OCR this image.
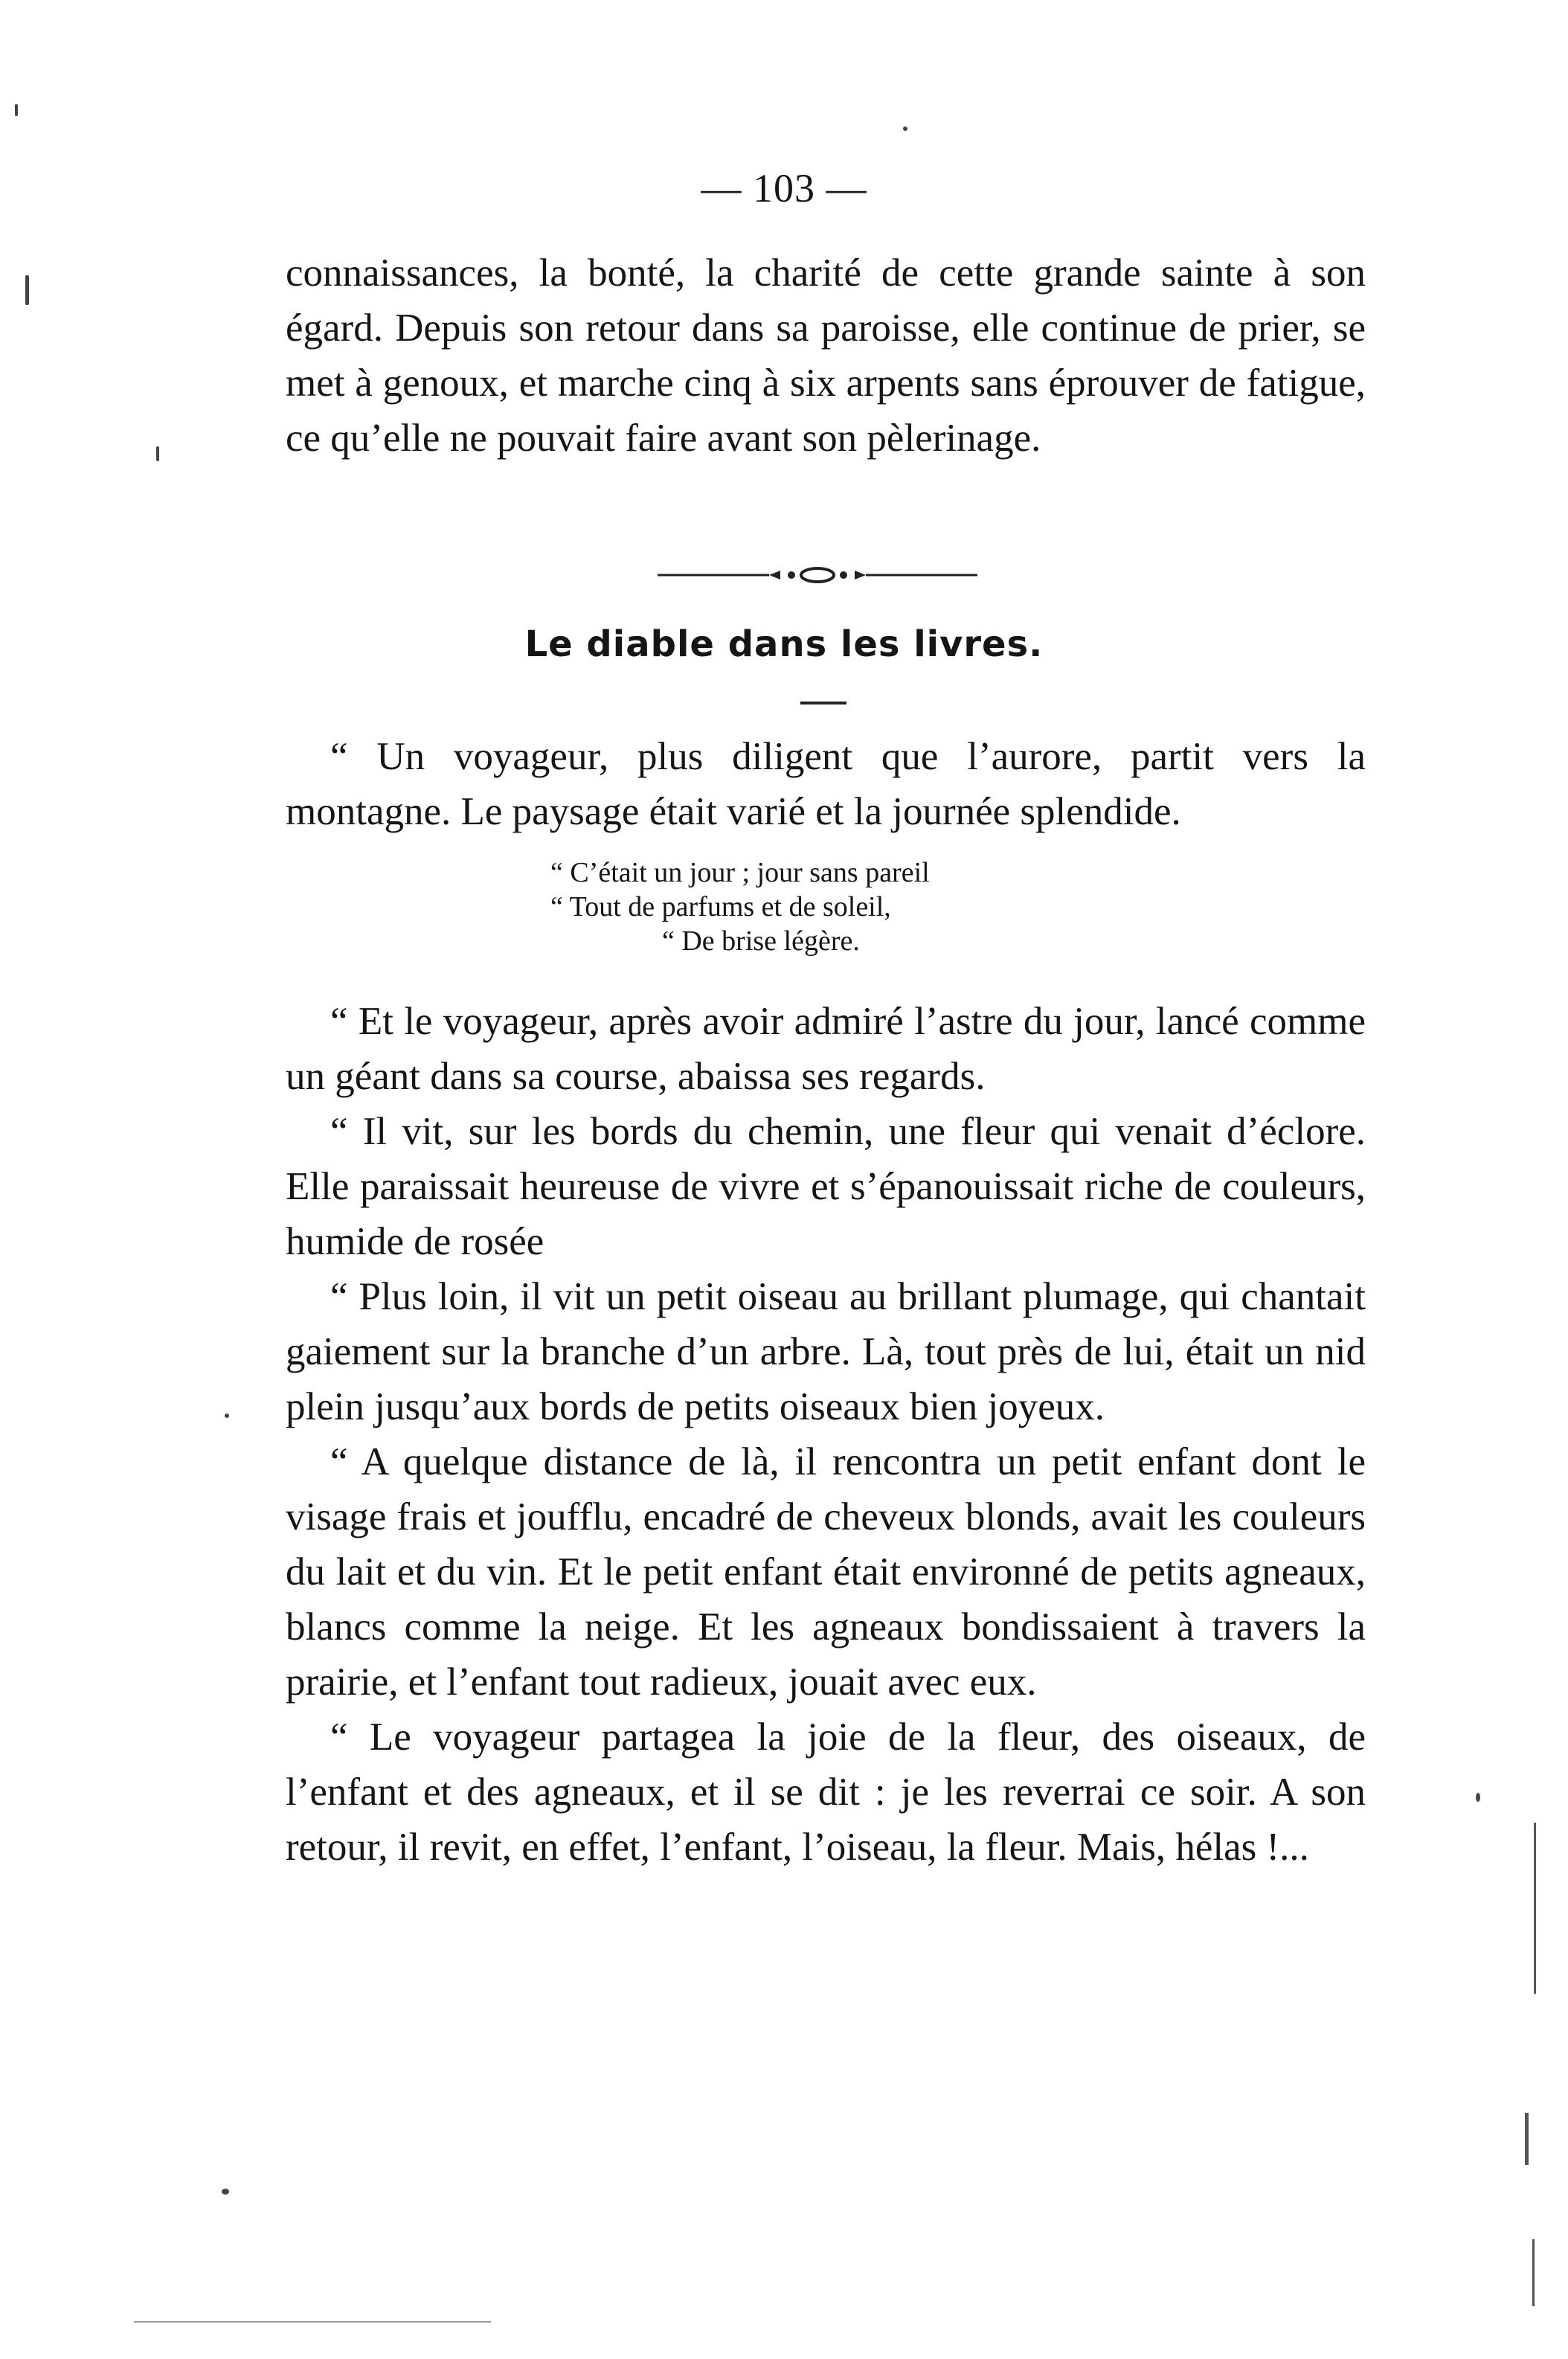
— 103 —

connaissances, la bonté, la charité de cette grande sainte à son égard. Depuis son retour dans sa paroisse, elle continue de prier, se met à genoux, et marche cinq à six arpents sans éprouver de fatigue, ce qu’elle ne pouvait faire avant son pèlerinage.

Le diable dans les livres.

“ Un voyageur, plus diligent que l’aurore, partit vers la montagne. Le paysage était varié et la journée splendide.

“ C’était un jour ; jour sans pareil
“ Tout de parfums et de soleil,
“ De brise légère.

“ Et le voyageur, après avoir admiré l’astre du jour, lancé comme un géant dans sa course, abaissa ses regards.

“ Il vit, sur les bords du chemin, une fleur qui venait d’éclore. Elle paraissait heureuse de vivre et s’épanouissait riche de couleurs, humide de rosée

“ Plus loin, il vit un petit oiseau au brillant plumage, qui chantait gaiement sur la branche d’un arbre. Là, tout près de lui, était un nid plein jusqu’aux bords de petits oiseaux bien joyeux.

“ A quelque distance de là, il rencontra un petit enfant dont le visage frais et joufflu, encadré de cheveux blonds, avait les couleurs du lait et du vin. Et le petit enfant était environné de petits agneaux, blancs comme la neige. Et les agneaux bondissaient à travers la prairie, et l’enfant tout radieux, jouait avec eux.

“ Le voyageur partagea la joie de la fleur, des oiseaux, de l’enfant et des agneaux, et il se dit : je les reverrai ce soir. A son retour, il revit, en effet, l’enfant, l’oiseau, la fleur. Mais, hélas !...
